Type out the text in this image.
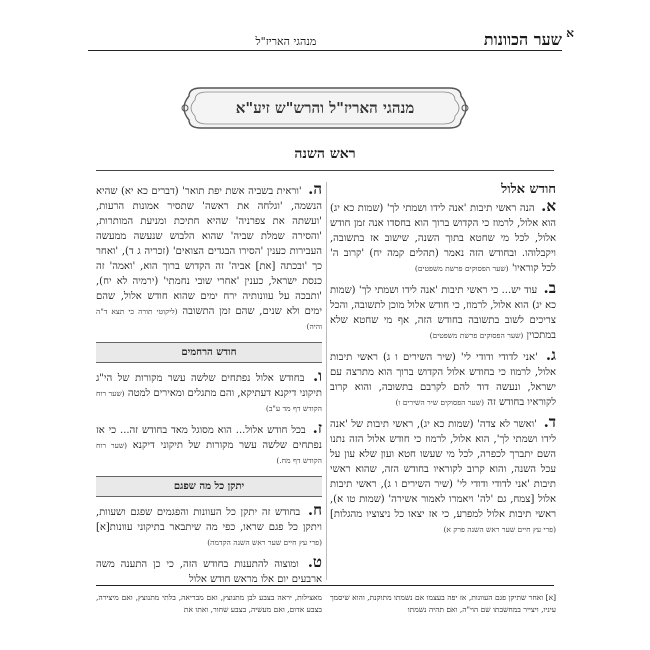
א
שער הכוונות
מנהגי האריז"ל
מנהגי האריז"ל והרש"ש זיע"א
ראש השנה
חודש אלול
א. הנה ראשי תיבות 'אנה לידו ושמתי לך' (שמות כא יג) הוא אלול, לרמוז כי הקדוש ברוך הוא בחסדו אנה זמן חודש אלול, לכל מי שחטא בתוך השנה, שישוב אז בתשובה, ויקבלוהו. ובחודש הזה נאמר (תהלים קמה יח) 'קרוב ה' לכל קוראיו' (שער הפסוקים פרשת משפטים)
ב. עוד יש... כי ראשי תיבות 'אנה לידו ושמתי לך' (שמות כא יג) הוא אלול, לרמוז, כי חודש אלול מוכן לתשובה, והכל צריכים לשוב בתשובה בחודש הזה, אף מי שחטא שלא במתכוין (שער הפסוקים פרשת משפטים)
ג. 'אני לדודי ודודי לי' (שיר השירים ו ג) ראשי תיבות אלול, לרמוז כי בחודש אלול הקדוש ברוך הוא מתרצה עם ישראל, ונעשה דוד להם לקרבם בתשובה, והוא קרוב לקוראיו בחודש זה (שער הפסוקים שיר השירים ו)
ד. 'ואשר לא צדה' (שמות כא יג), ראשי תיבות של 'אנה לידו ושמתי לך', הוא אלול, לרמוז כי חודש אלול הזה נתנו השם יתברך לכפרה, לכל מי שעשו חטא ועון שלא עון על עכל השנה, והוא קרוב לקוראיו בחודש הזה, שהוא ראשי תיבות 'אני לדודי ודודי לי' (שיר השירים ו ג), ראשי תיבות אלול [צמח, גם 'לה' ויאמרו לאמור אשירה' (שמות טו א), ראשי תיבות אלול למפרע, כי אז יצאו כל ניצוציו מהגלות] (פרי עץ חיים שער ראש השנה פרק א)
ה. 'וראית בשביה אשת יפת תואר' (דברים כא יא) שהיא הנשמה, 'וגלחה את ראשה' שתסיר אמונות הרעות, 'ועשתה את צפרניה' שהיא חתיכת ומניעת המותרות, 'והסירה שמלת שביה' שהוא הלבוש שנעשה ממעשה העבירות כענין 'הסירו הבגדים הצואים' (זכריה ג ד), 'ואחר כך 'ובכתה [את] אביה' זה הקדוש ברוך הוא, 'ואמה' זה כנסת ישראל, כענין 'אחרי שובי נחמתי' (ירמיה לא יח), 'ותבכה על עוונותיה ירח ימים שהוא חודש אלול, שהם ימים ולא שנים, שהם זמן התשובה (ליקוטי תורה כי תצא ד"ה והיה)
חודש הרחמים
ו. בחודש אלול נפתחים שלשה עשר מקורות של הי"ג תיקוני דיקנא דעתיקא, והם מתגלים ומאירים למטה (שער רוח הקודש דף מד ע"ב)
ז. בכל חודש אלול... הוא מסוגל מאד בחודש זה... כי אז נפתחים שלשה עשר מקורות של תיקוני דיקנא (שער רוח הקודש דף מח.)
יתקן כל מה שפגם
ח. בחודש זה יתקן כל העוונות והפגמים שפגם ושעוות, ויתקן כל פגם שראו, כפי מה שיתבאר בתיקוני עוונות[א] (פרי עץ חיים שער ראש השנה הקדמה)
ט. ומוצוה להתענות בחודש הזה, כי כן התענה משה ארבעים יום אלו מראש חודש אלול
[א] ואחר שתיקן פגם העוונות, אז יפה בעצמו אם נשמתו מתוקנת, והוא שיסמך עיניו, ויצייר במחשבתו שם הוי"ה, ואם תהיה נשמתו
מאצילות, יראה בצבע לבן מתנוצץ, ואם מבריאה, בלתי מתנוצץ, ואם מיצירה, בצבע אדום, ואם מעשיה, בצבע שחור, ואתו את
